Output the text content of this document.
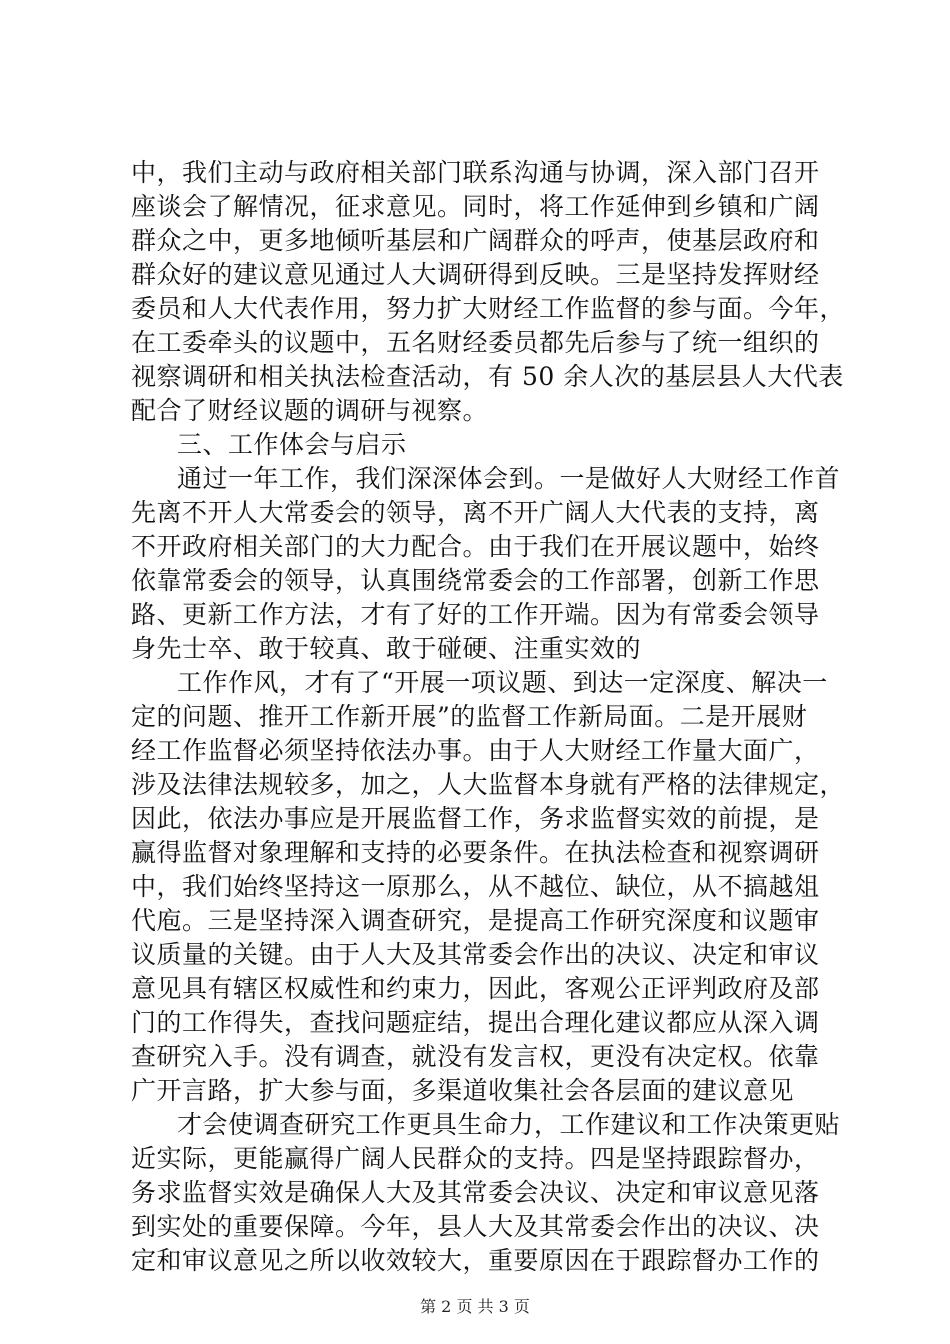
中，我们主动与政府相关部门联系沟通与协调，深入部门召开
座谈会了解情况，征求意见。同时，将工作延伸到乡镇和广阔
群众之中，更多地倾听基层和广阔群众的呼声，使基层政府和
群众好的建议意见通过人大调研得到反映。三是坚持发挥财经
委员和人大代表作用，努力扩大财经工作监督的参与面。今年，
在工委牵头的议题中，五名财经委员都先后参与了统一组织的
视察调研和相关执法检查活动，有 50 余人次的基层县人大代表
配合了财经议题的调研与视察。
三、工作体会与启示
通过一年工作，我们深深体会到。一是做好人大财经工作首
先离不开人大常委会的领导，离不开广阔人大代表的支持，离
不开政府相关部门的大力配合。由于我们在开展议题中，始终
依靠常委会的领导，认真围绕常委会的工作部署，创新工作思
路、更新工作方法，才有了好的工作开端。因为有常委会领导
身先士卒、敢于较真、敢于碰硬、注重实效的
工作作风，才有了“开展一项议题、到达一定深度、解决一
定的问题、推开工作新开展”的监督工作新局面。二是开展财
经工作监督必须坚持依法办事。由于人大财经工作量大面广，
涉及法律法规较多，加之，人大监督本身就有严格的法律规定，
因此，依法办事应是开展监督工作，务求监督实效的前提，是
赢得监督对象理解和支持的必要条件。在执法检查和视察调研
中，我们始终坚持这一原那么，从不越位、缺位，从不搞越俎
代庖。三是坚持深入调查研究，是提高工作研究深度和议题审
议质量的关键。由于人大及其常委会作出的决议、决定和审议
意见具有辖区权威性和约束力，因此，客观公正评判政府及部
门的工作得失，查找问题症结，提出合理化建议都应从深入调
查研究入手。没有调查，就没有发言权，更没有决定权。依靠
广开言路，扩大参与面，多渠道收集社会各层面的建议意见
才会使调查研究工作更具生命力，工作建议和工作决策更贴
近实际，更能赢得广阔人民群众的支持。四是坚持跟踪督办，
务求监督实效是确保人大及其常委会决议、决定和审议意见落
到实处的重要保障。今年，县人大及其常委会作出的决议、决
定和审议意见之所以收效较大，重要原因在于跟踪督办工作的
第 2 页 共 3 页
